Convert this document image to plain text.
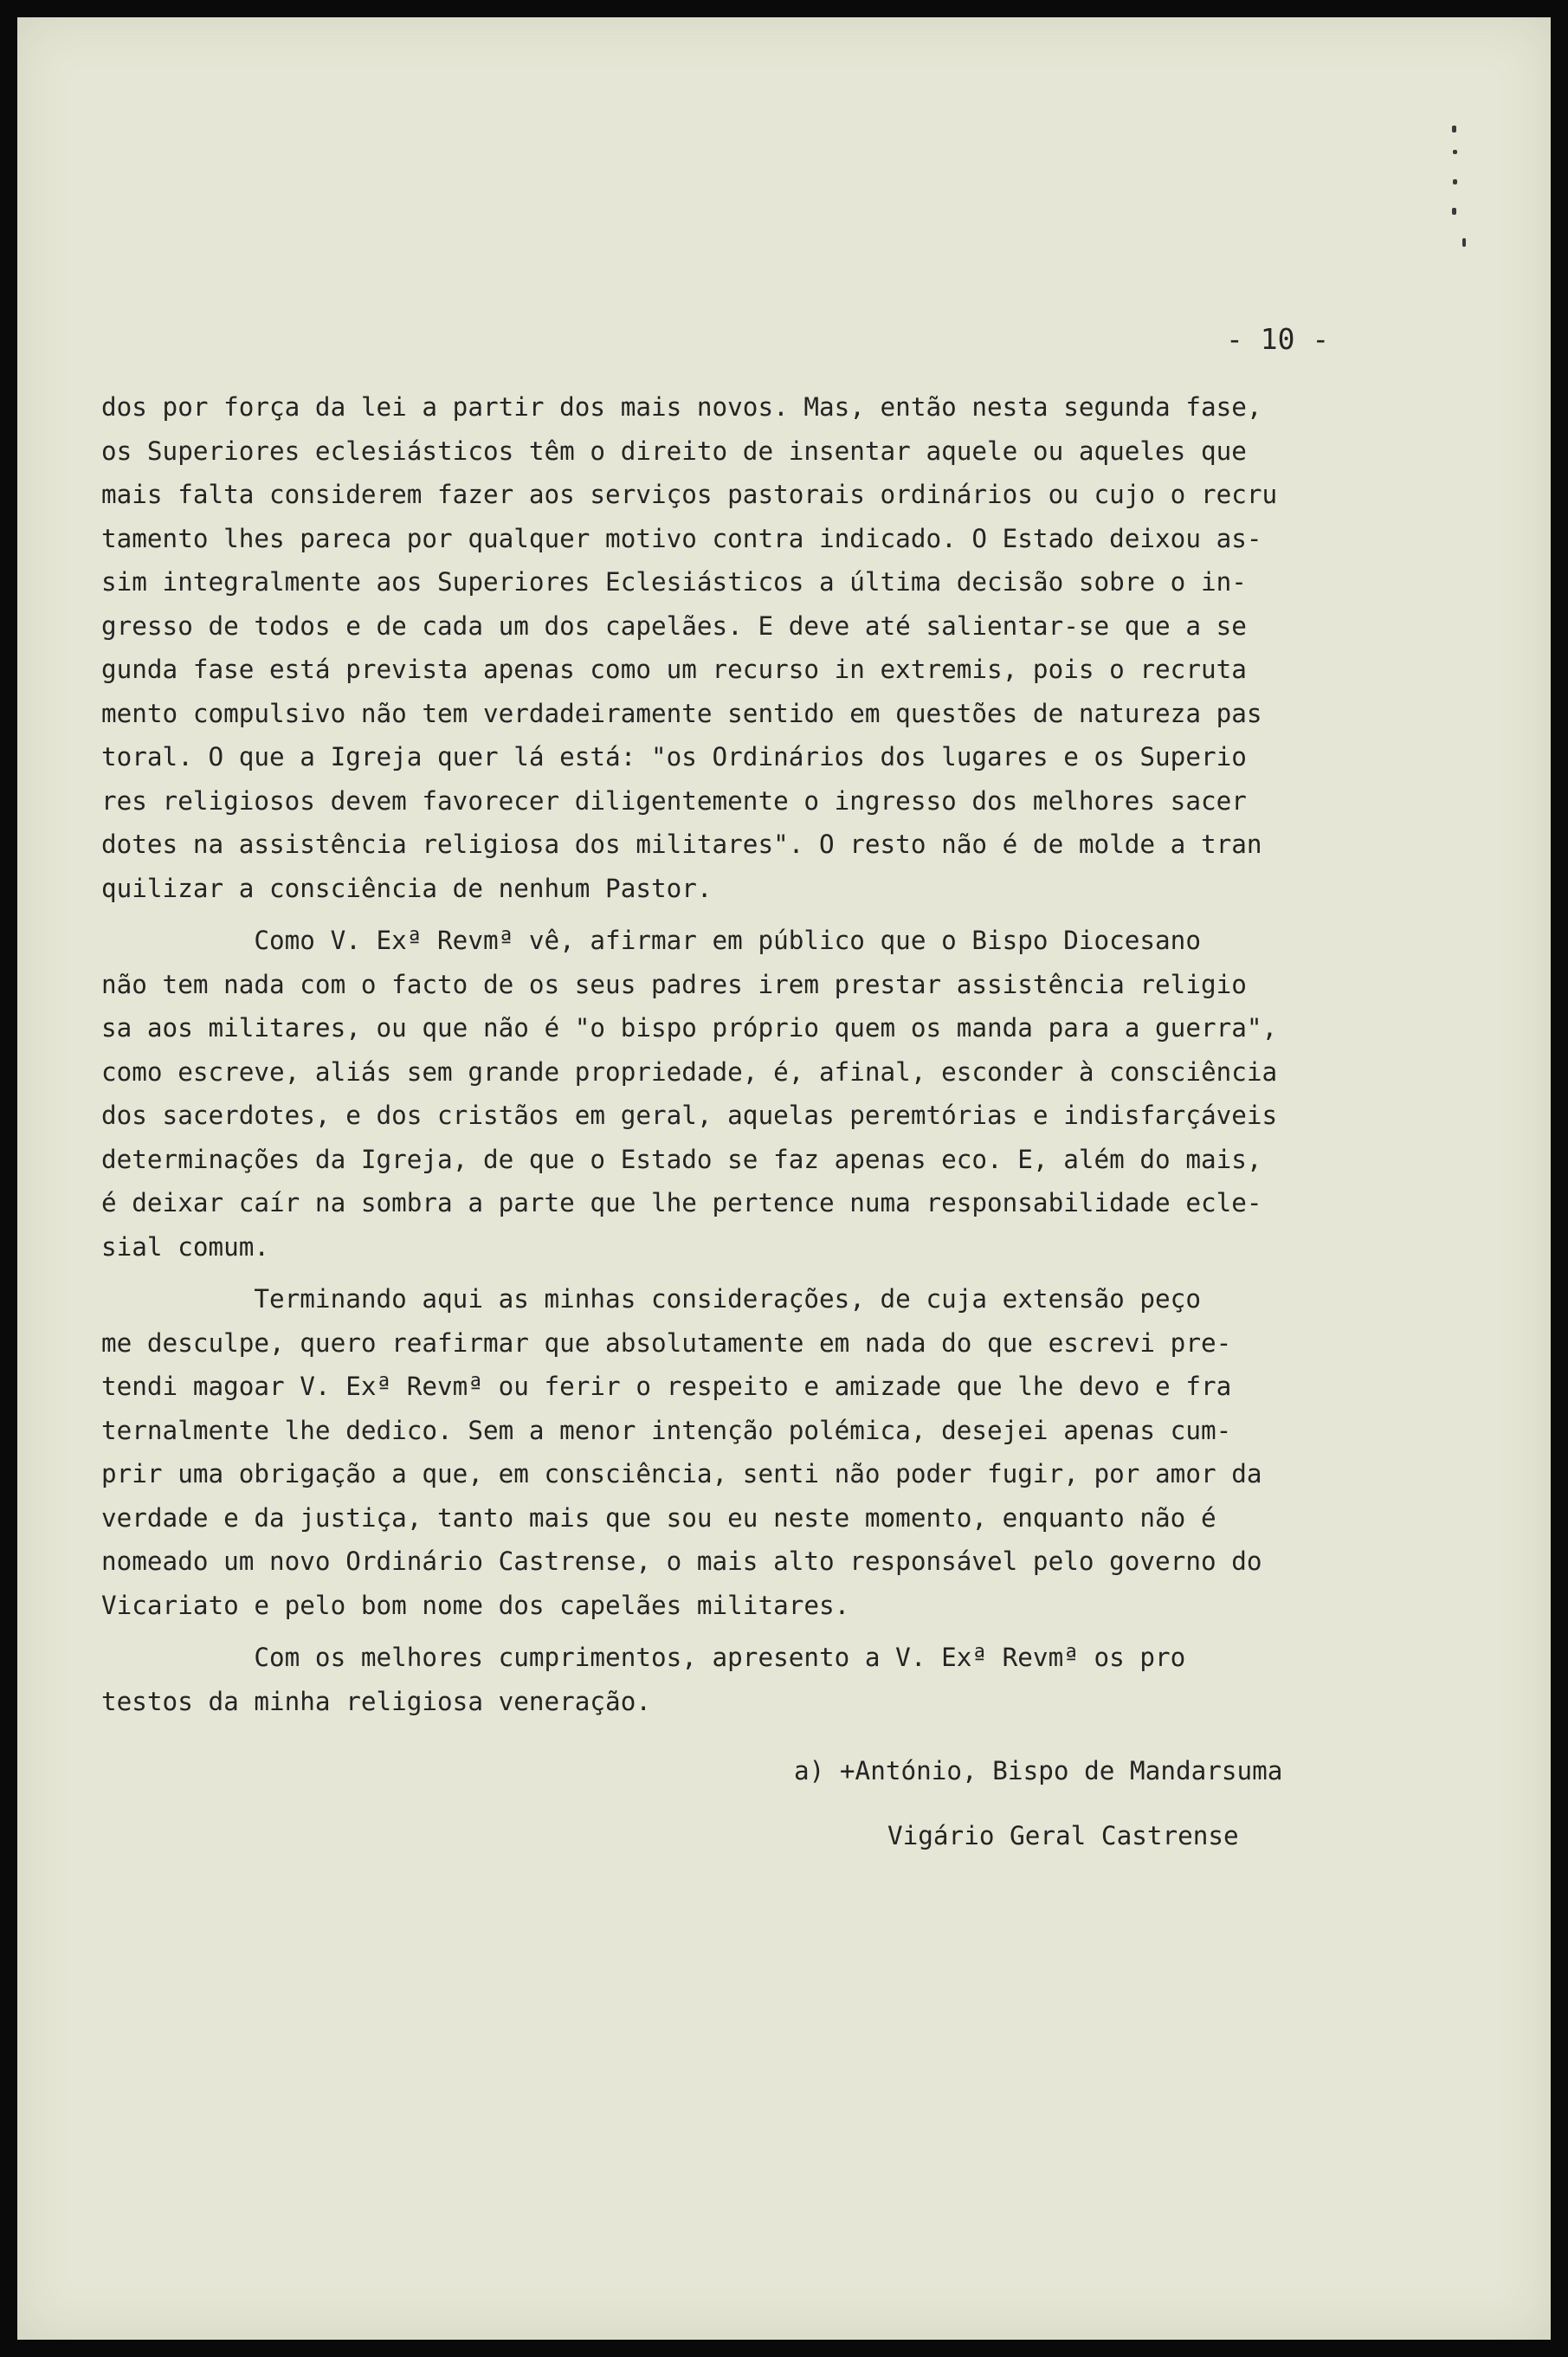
- 10 -
dos por força da lei a partir dos mais novos. Mas, então nesta segunda fase,
os Superiores eclesiásticos têm o direito de insentar aquele ou aqueles que
mais falta considerem fazer aos serviços pastorais ordinários ou cujo o recru
tamento lhes pareca por qualquer motivo contra indicado. O Estado deixou as-
sim integralmente aos Superiores Eclesiásticos a última decisão sobre o in-
gresso de todos e de cada um dos capelães. E deve até salientar-se que a se
gunda fase está prevista apenas como um recurso in extremis, pois o recruta
mento compulsivo não tem verdadeiramente sentido em questões de natureza pas
toral. O que a Igreja quer lá está: "os Ordinários dos lugares e os Superio
res religiosos devem favorecer diligentemente o ingresso dos melhores sacer
dotes na assistência religiosa dos militares". O resto não é de molde a tran
quilizar a consciência de nenhum Pastor.
Como V. Exª Revmª vê, afirmar em público que o Bispo Diocesano
não tem nada com o facto de os seus padres irem prestar assistência religio
sa aos militares, ou que não é "o bispo próprio quem os manda para a guerra",
como escreve, aliás sem grande propriedade, é, afinal, esconder à consciência
dos sacerdotes, e dos cristãos em geral, aquelas peremtórias e indisfarçáveis
determinações da Igreja, de que o Estado se faz apenas eco. E, além do mais,
é deixar caír na sombra a parte que lhe pertence numa responsabilidade ecle-
sial comum.
Terminando aqui as minhas considerações, de cuja extensão peço
me desculpe, quero reafirmar que absolutamente em nada do que escrevi pre-
tendi magoar V. Exª Revmª ou ferir o respeito e amizade que lhe devo e fra
ternalmente lhe dedico. Sem a menor intenção polémica, desejei apenas cum-
prir uma obrigação a que, em consciência, senti não poder fugir, por amor da
verdade e da justiça, tanto mais que sou eu neste momento, enquanto não é
nomeado um novo Ordinário Castrense, o mais alto responsável pelo governo do
Vicariato e pelo bom nome dos capelães militares.
Com os melhores cumprimentos, apresento a V. Exª Revmª os pro
testos da minha religiosa veneração.
a) +António, Bispo de Mandarsuma
Vigário Geral Castrense
